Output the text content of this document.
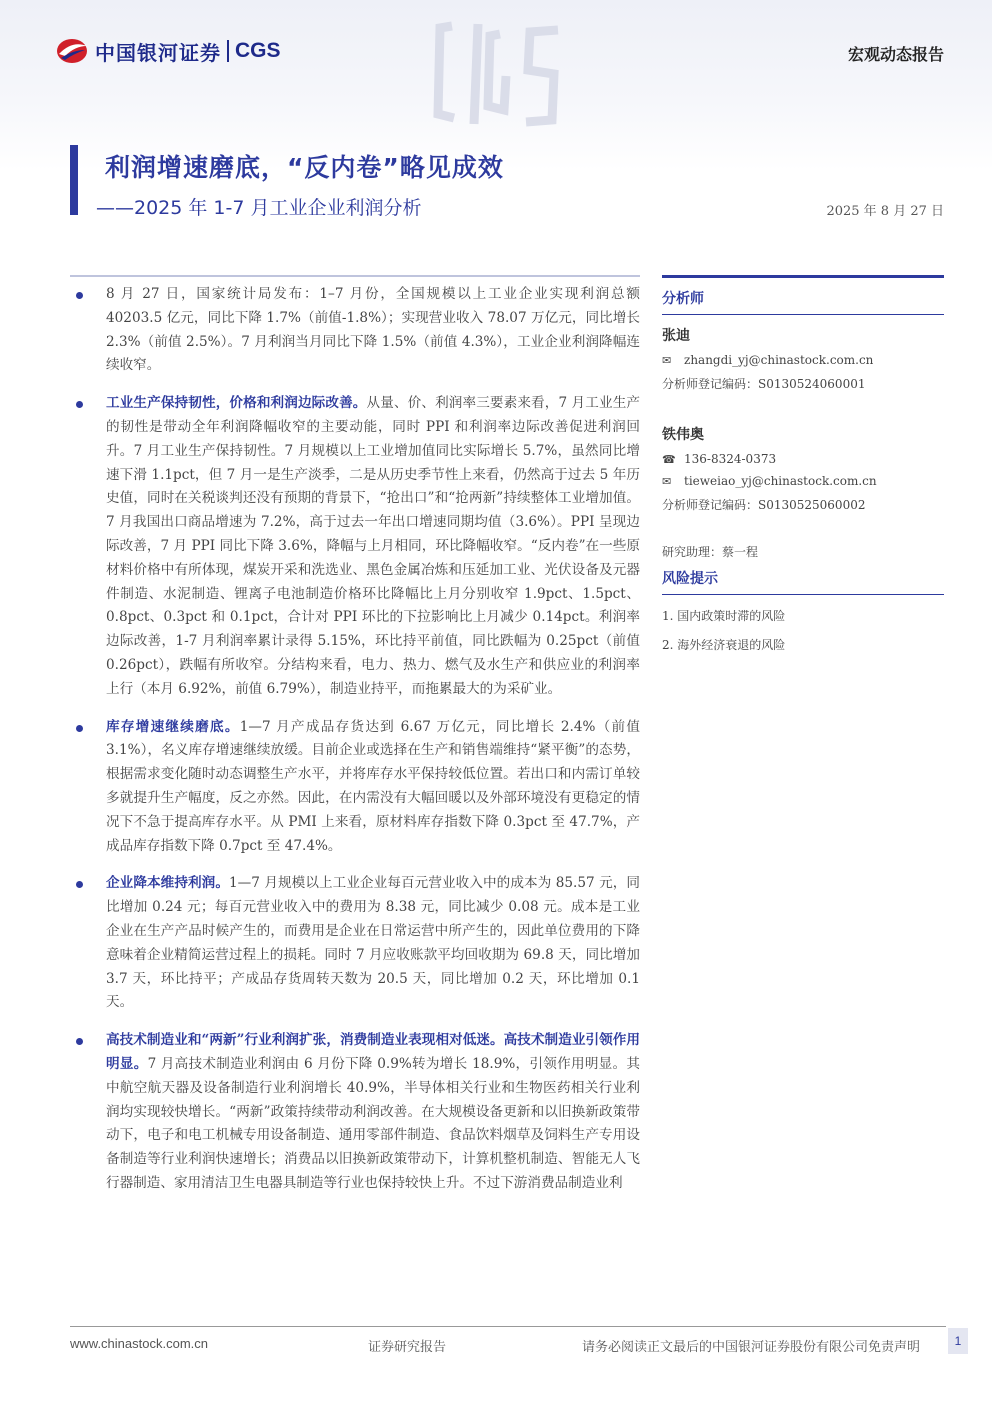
中国银河证券 CGS	宏观动态报告
利润增速磨底，“反内卷”略见成效
——2025 年 1-7 月工业企业利润分析	2025 年 8 月 27 日
8 月 27 日，国家统计局发布：1–7 月份，全国规模以上工业企业实现利润总额 40203.5 亿元，同比下降 1.7%（前值-1.8%）；实现营业收入 78.07 万亿元，同比增长 2.3%（前值 2.5%）。7 月利润当月同比下降 1.5%（前值 4.3%），工业企业利润降幅连续收窄。
工业生产保持韧性，价格和利润边际改善。从量、价、利润率三要素来看，7 月工业生产的韧性是带动全年利润降幅收窄的主要动能，同时 PPI 和利润率边际改善促进利润回升。7 月工业生产保持韧性。7 月规模以上工业增加值同比实际增长 5.7%，虽然同比增速下滑 1.1pct，但 7 月一是生产淡季，二是从历史季节性上来看，仍然高于过去 5 年历史值，同时在关税谈判还没有预期的背景下，“抢出口”和“抢两新”持续整体工业增加值。7 月我国出口商品增速为 7.2%，高于过去一年出口增速同期均值（3.6%）。PPI 呈现边际改善，7 月 PPI 同比下降 3.6%，降幅与上月相同，环比降幅收窄。“反内卷”在一些原材料价格中有所体现，煤炭开采和洗选业、黑色金属冶炼和压延加工业、光伏设备及元器件制造、水泥制造、锂离子电池制造价格环比降幅比上月分别收窄 1.9pct、1.5pct、0.8pct、0.3pct 和 0.1pct，合计对 PPI 环比的下拉影响比上月减少 0.14pct。利润率边际改善，1-7 月利润率累计录得 5.15%，环比持平前值，同比跌幅为 0.25pct（前值 0.26pct），跌幅有所收窄。分结构来看，电力、热力、燃气及水生产和供应业的利润率上行（本月 6.92%，前值 6.79%），制造业持平，而拖累最大的为采矿业。
库存增速继续磨底。1—7 月产成品存货达到 6.67 万亿元，同比增长 2.4%（前值 3.1%），名义库存增速继续放缓。目前企业或选择在生产和销售端维持“紧平衡”的态势，根据需求变化随时动态调整生产水平，并将库存水平保持较低位置。若出口和内需订单较多就提升生产幅度，反之亦然。因此，在内需没有大幅回暖以及外部环境没有更稳定的情况下不急于提高库存水平。从 PMI 上来看，原材料库存指数下降 0.3pct 至 47.7%，产成品库存指数下降 0.7pct 至 47.4%。
企业降本维持利润。1—7 月规模以上工业企业每百元营业收入中的成本为 85.57 元，同比增加 0.24 元；每百元营业收入中的费用为 8.38 元，同比减少 0.08 元。成本是工业企业在生产产品时候产生的，而费用是企业在日常运营中所产生的，因此单位费用的下降意味着企业精简运营过程上的损耗。同时 7 月应收账款平均回收期为 69.8 天，同比增加 3.7 天，环比持平；产成品存货周转天数为 20.5 天，同比增加 0.2 天，环比增加 0.1 天。
高技术制造业和“两新”行业利润扩张，消费制造业表现相对低迷。高技术制造业引领作用明显。7 月高技术制造业利润由 6 月份下降 0.9%转为增长 18.9%，引领作用明显。其中航空航天器及设备制造行业利润增长 40.9%，半导体相关行业和生物医药相关行业利润均实现较快增长。“两新”政策持续带动利润改善。在大规模设备更新和以旧换新政策带动下，电子和电工机械专用设备制造、通用零部件制造、食品饮料烟草及饲料生产专用设备制造等行业利润快速增长；消费品以旧换新政策带动下，计算机整机制造、智能无人飞行器制造、家用清洁卫生电器具制造等行业也保持较快上升。不过下游消费品制造业利
分析师
张迪
✉	zhangdi_yj@chinastock.com.cn
分析师登记编码：S0130524060001
铁伟奥
☎ 136-8324-0373
✉	tieweiao_yj@chinastock.com.cn
分析师登记编码：S0130525060002
研究助理：蔡一程
风险提示
1. 国内政策时滞的风险
2. 海外经济衰退的风险
www.chinastock.com.cn	证券研究报告	请务必阅读正文最后的中国银河证券股份有限公司免责声明	1
